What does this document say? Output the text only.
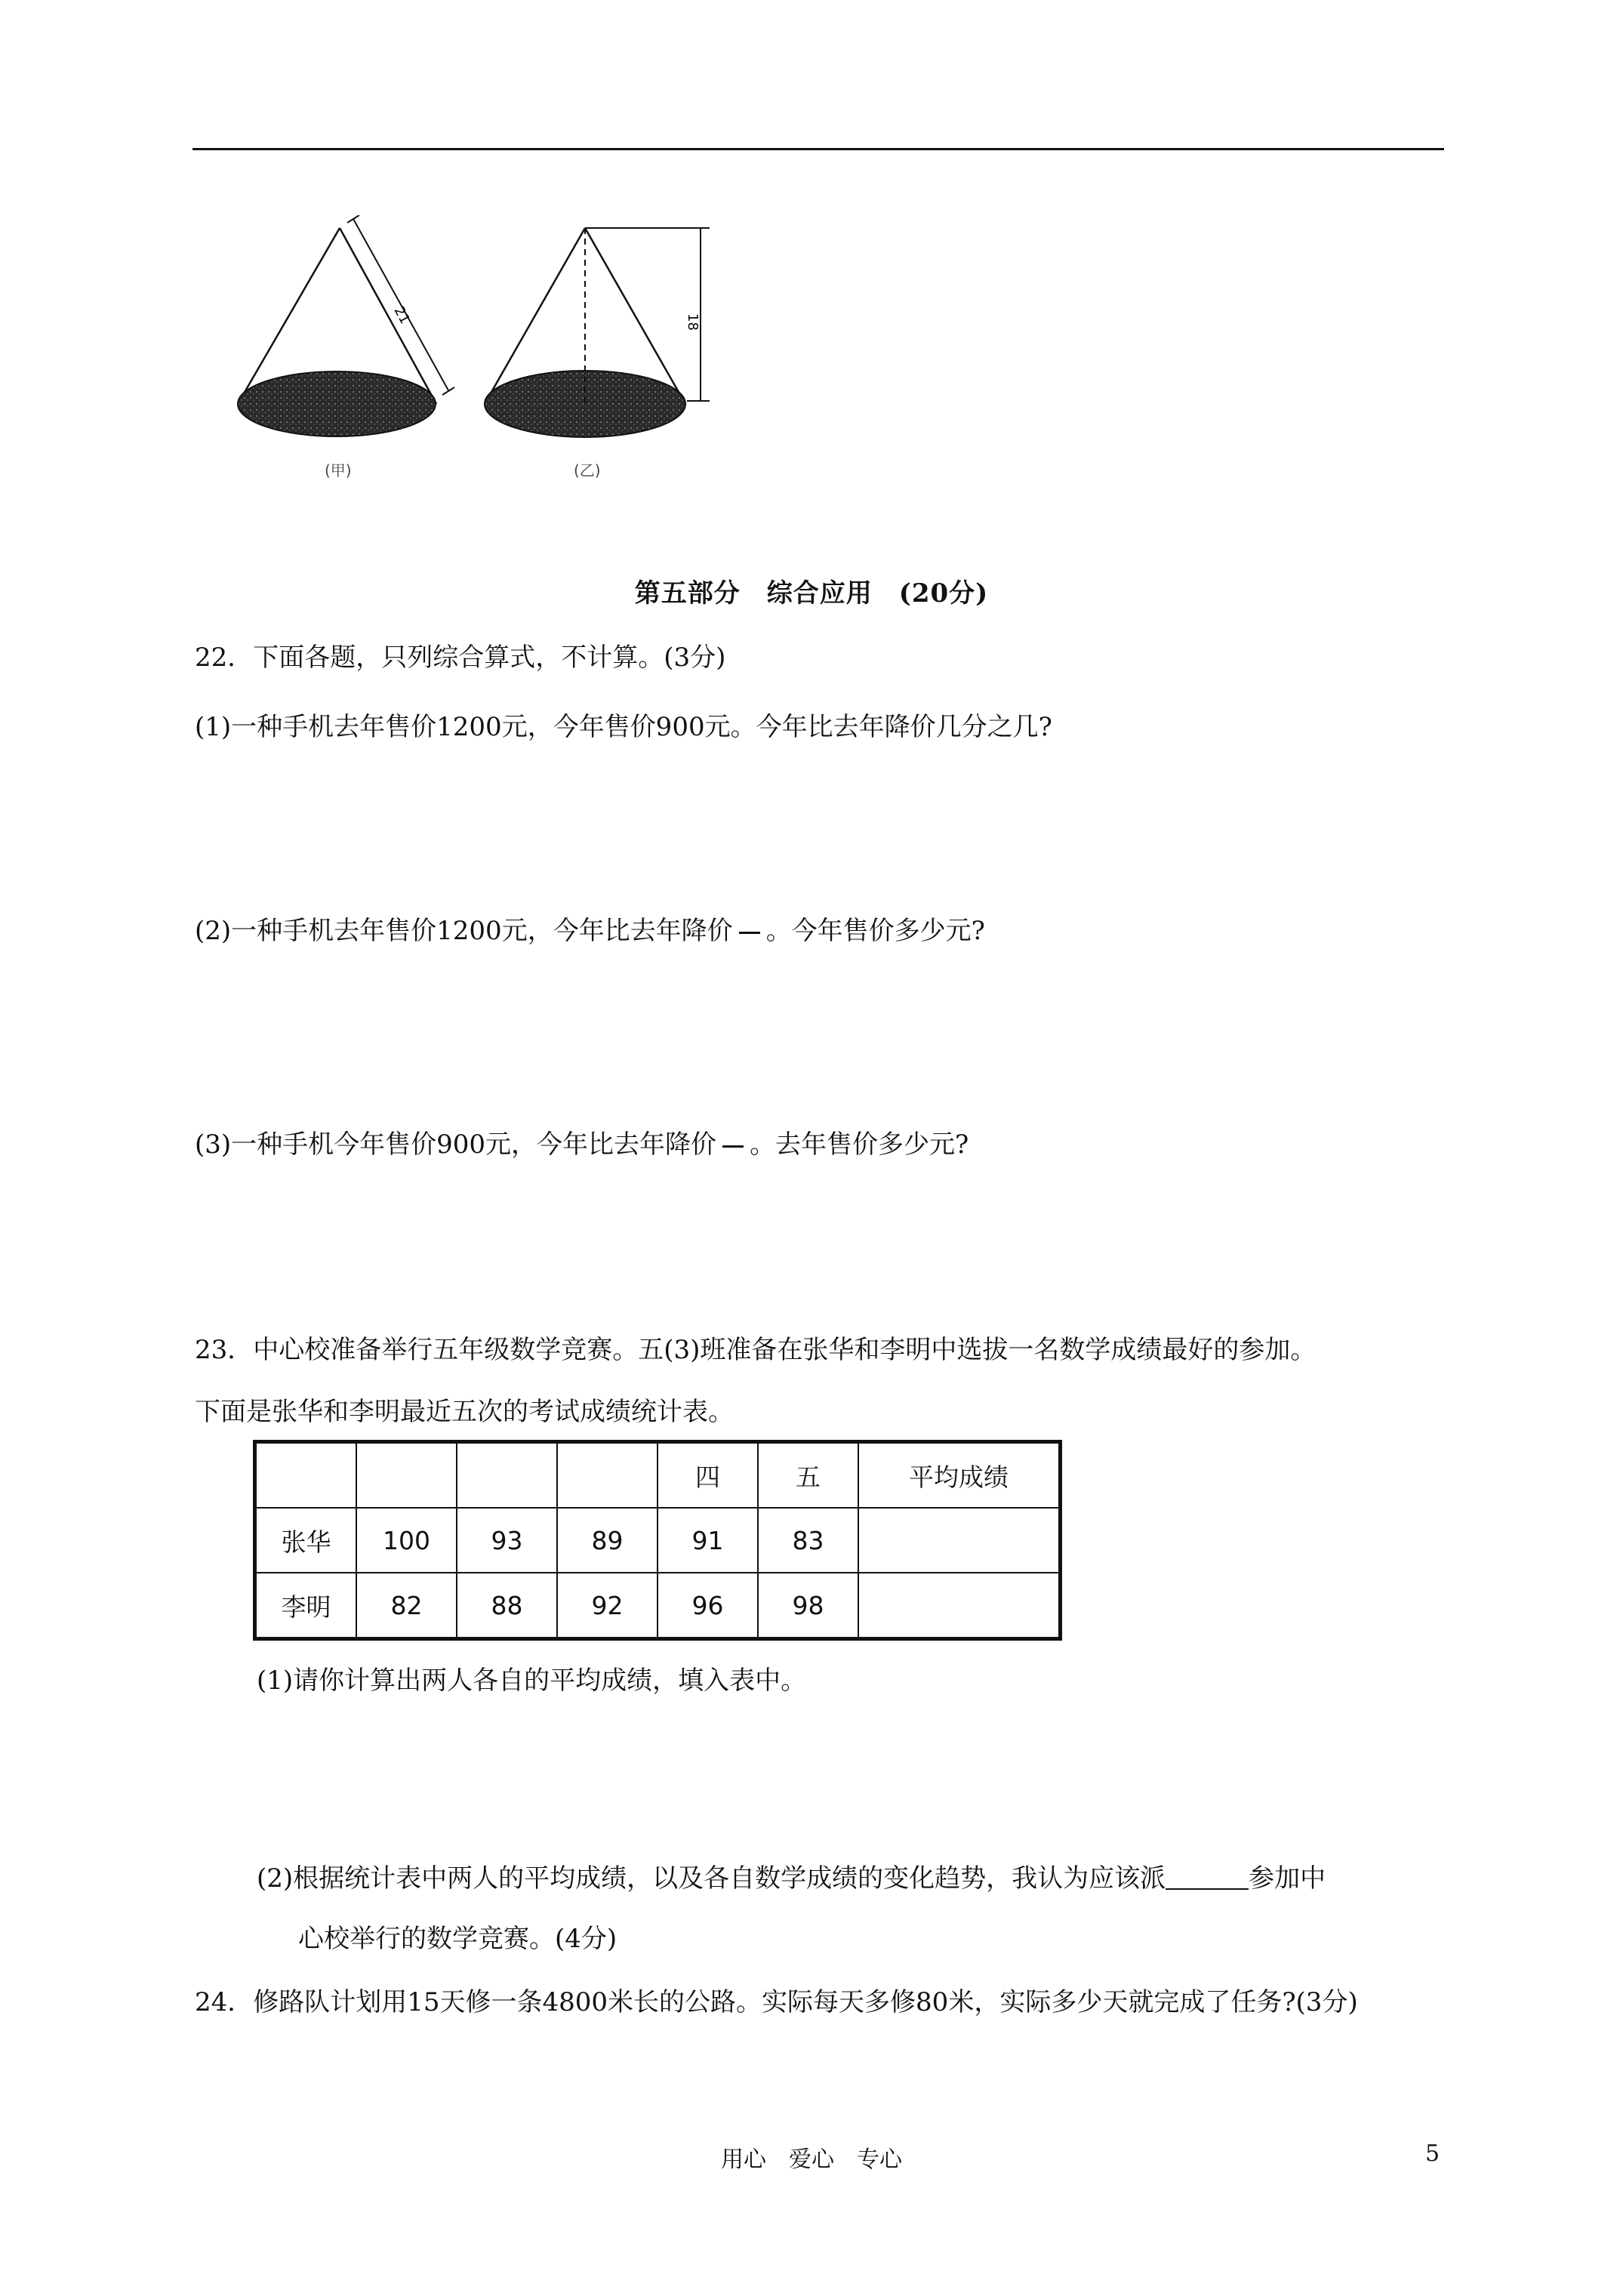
21
(甲)
18
(乙)
第五部分　综合应用　(20分)
22．下面各题，只列综合算式，不计算。(3分)
(1)一种手机去年售价1200元，今年售价900元。今年比去年降价几分之几?
(2)一种手机去年售价1200元，今年比去年降价 。今年售价多少元?
(3)一种手机今年售价900元，今年比去年降价 。去年售价多少元?
23．中心校准备举行五年级数学竞赛。五(3)班准备在张华和李明中选拔一名数学成绩最好的参加。
下面是张华和李明最近五次的考试成绩统计表。
				四	五	平均成绩
张华	100	93	89	91	83	
李明	82	88	92	96	98	
(1)请你计算出两人各自的平均成绩，填入表中。
(2)根据统计表中两人的平均成绩，以及各自数学成绩的变化趋势，我认为应该派	参加中
心校举行的数学竞赛。(4分)
24．修路队计划用15天修一条4800米长的公路。实际每天多修80米，实际多少天就完成了任务?(3分)
用心　爱心　专心	5
